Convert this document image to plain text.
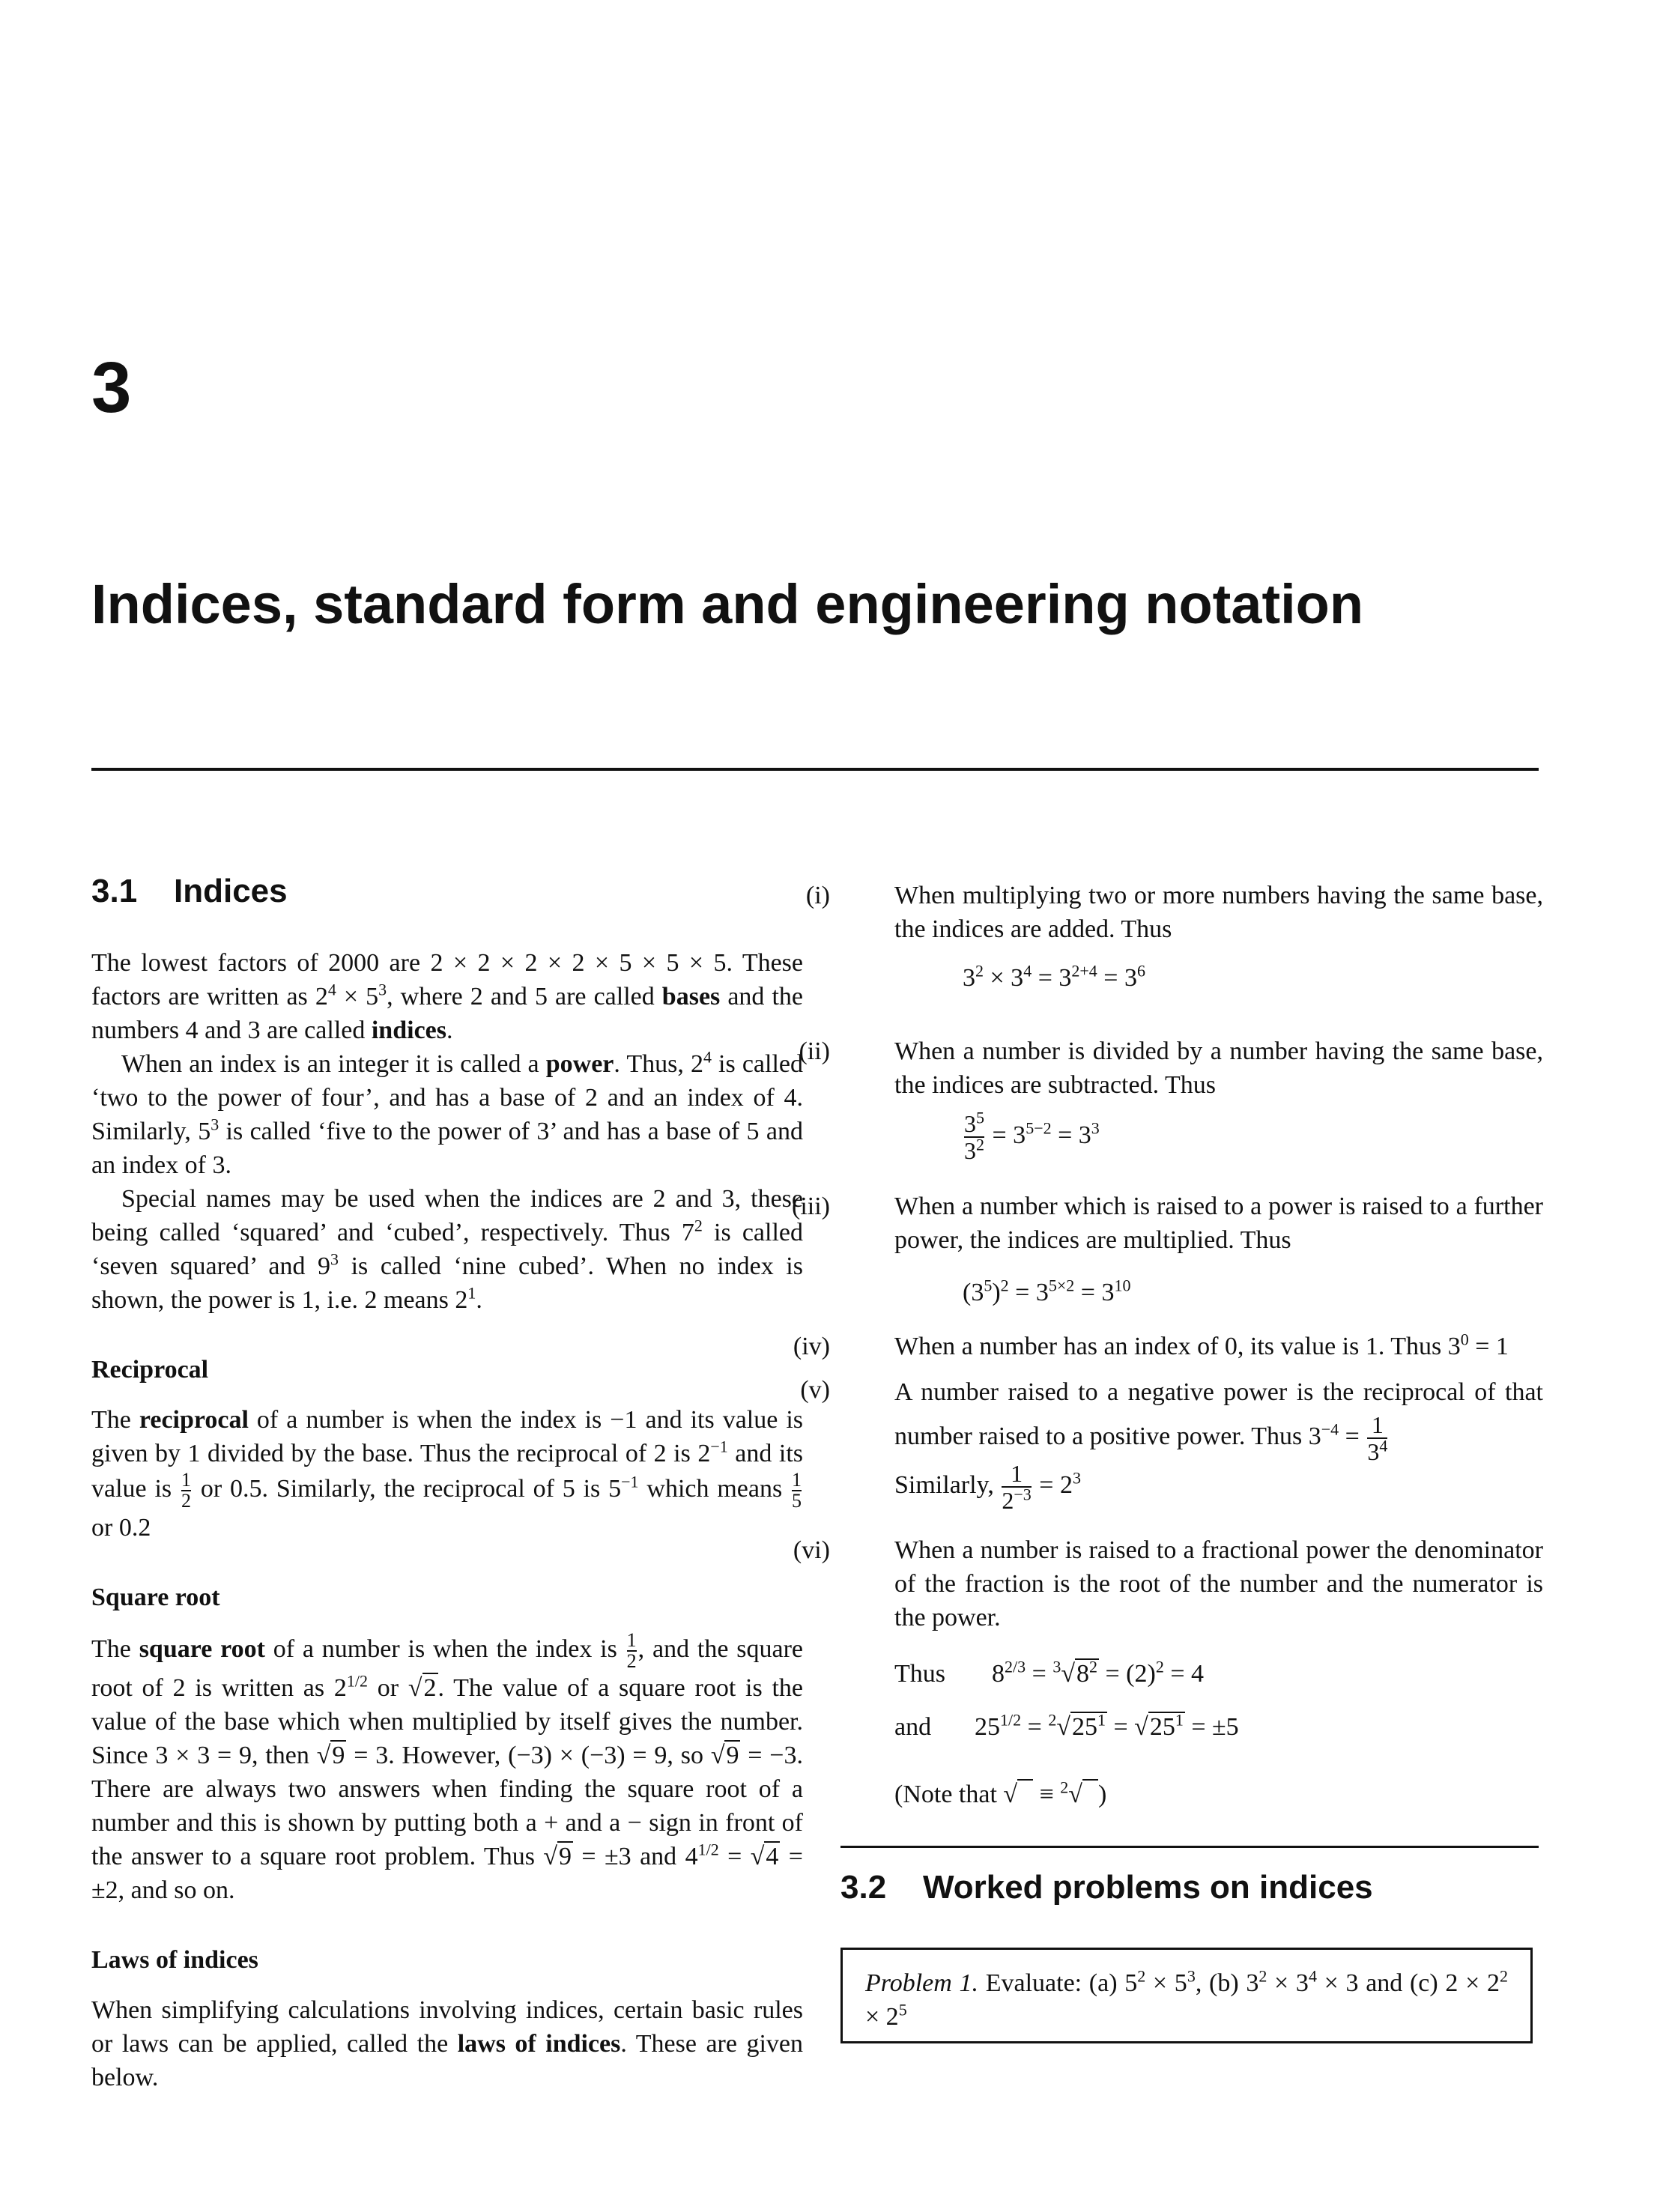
3
Indices, standard form and engineering notation
3.1 Indices

The lowest factors of 2000 are 2 × 2 × 2 × 2 × 5 × 5 × 5. These factors are written as $2^4 \times 5^3$, where 2 and 5 are called bases and the numbers 4 and 3 are called indices.

When an index is an integer it is called a power. Thus, $2^4$ is called ‘two to the power of four’, and has a base of 2 and an index of 4. Similarly, $5^3$ is called ‘five to the power of 3’ and has a base of 5 and an index of 3.

Special names may be used when the indices are 2 and 3, these being called ‘squared’ and ‘cubed’, respectively. Thus $7^2$ is called ‘seven squared’ and $9^3$ is called ‘nine cubed’. When no index is shown, the power is 1, i.e. 2 means $2^1$.

Reciprocal

The reciprocal of a number is when the index is −1 and its value is given by 1 divided by the base. Thus the reciprocal of 2 is $2^{-1}$ and its value is $\frac{1}{2}$ or 0.5. Similarly, the reciprocal of 5 is $5^{-1}$ which means $\frac{1}{5}$
or 0.2

Square root

The square root of a number is when the index is $\frac{1}{2}$ , and the square root of 2 is written as $2^{1/2}$ or √2. The value of a square root is the value of the base which when multiplied by itself gives the number. Since 3 × 3 = 9, then √9 = 3. However, (−3) × (−3) = 9, so √9 = −3. There are always two answers when finding the square root of a number and this is shown by putting both a + and a − sign in front of the answer to a square root problem. Thus √9 = ±3 and $4^{1/2} = √4 = \pm 2$, and so on.

Laws of indices

When simplifying calculations involving indices, certain basic rules or laws can be applied, called the laws of indices. These are given below.

(i)	When multiplying two or more numbers having the same base, the indices are added. Thus
$3^2 \times 3^4 = 3^{2+4} = 3^6$
(ii)	When a number is divided by a number having the same base, the indices are subtracted. Thus
$\frac{3^5}{3^2} = 3^{5-2} = 3^3$
(iii)	When a number which is raised to a power is raised to a further power, the indices are multiplied. Thus
$(3^5)^2 = 3^{5\times 2} = 3^{10}$
(iv)	When a number has an index of 0, its value is 1. Thus $3^0 = 1$
(v)	A number raised to a negative power is the reciprocal of that number raised to a positive power. Thus $3^{-4} = \frac{1}{3^4}$
Similarly, $\frac{1}{2^{-3}} = 2^3$
(vi)	When a number is raised to a fractional power the denominator of the fraction is the root of the number and the numerator is the power.
Thus $8^{2/3} = ^3√8^2 = (2)^2 = 4$
and $25^{1/2} = ^2√25^1 = √25^1 = \pm 5$
(Note that √   ≡ $^2$√ )
3.2 Worked problems on indices
Problem 1. Evaluate: (a) $5^2 \times 5^3$, (b) $3^2 \times 3^4 \times 3$ and (c) $2 \times 2^2 \times 2^5$
